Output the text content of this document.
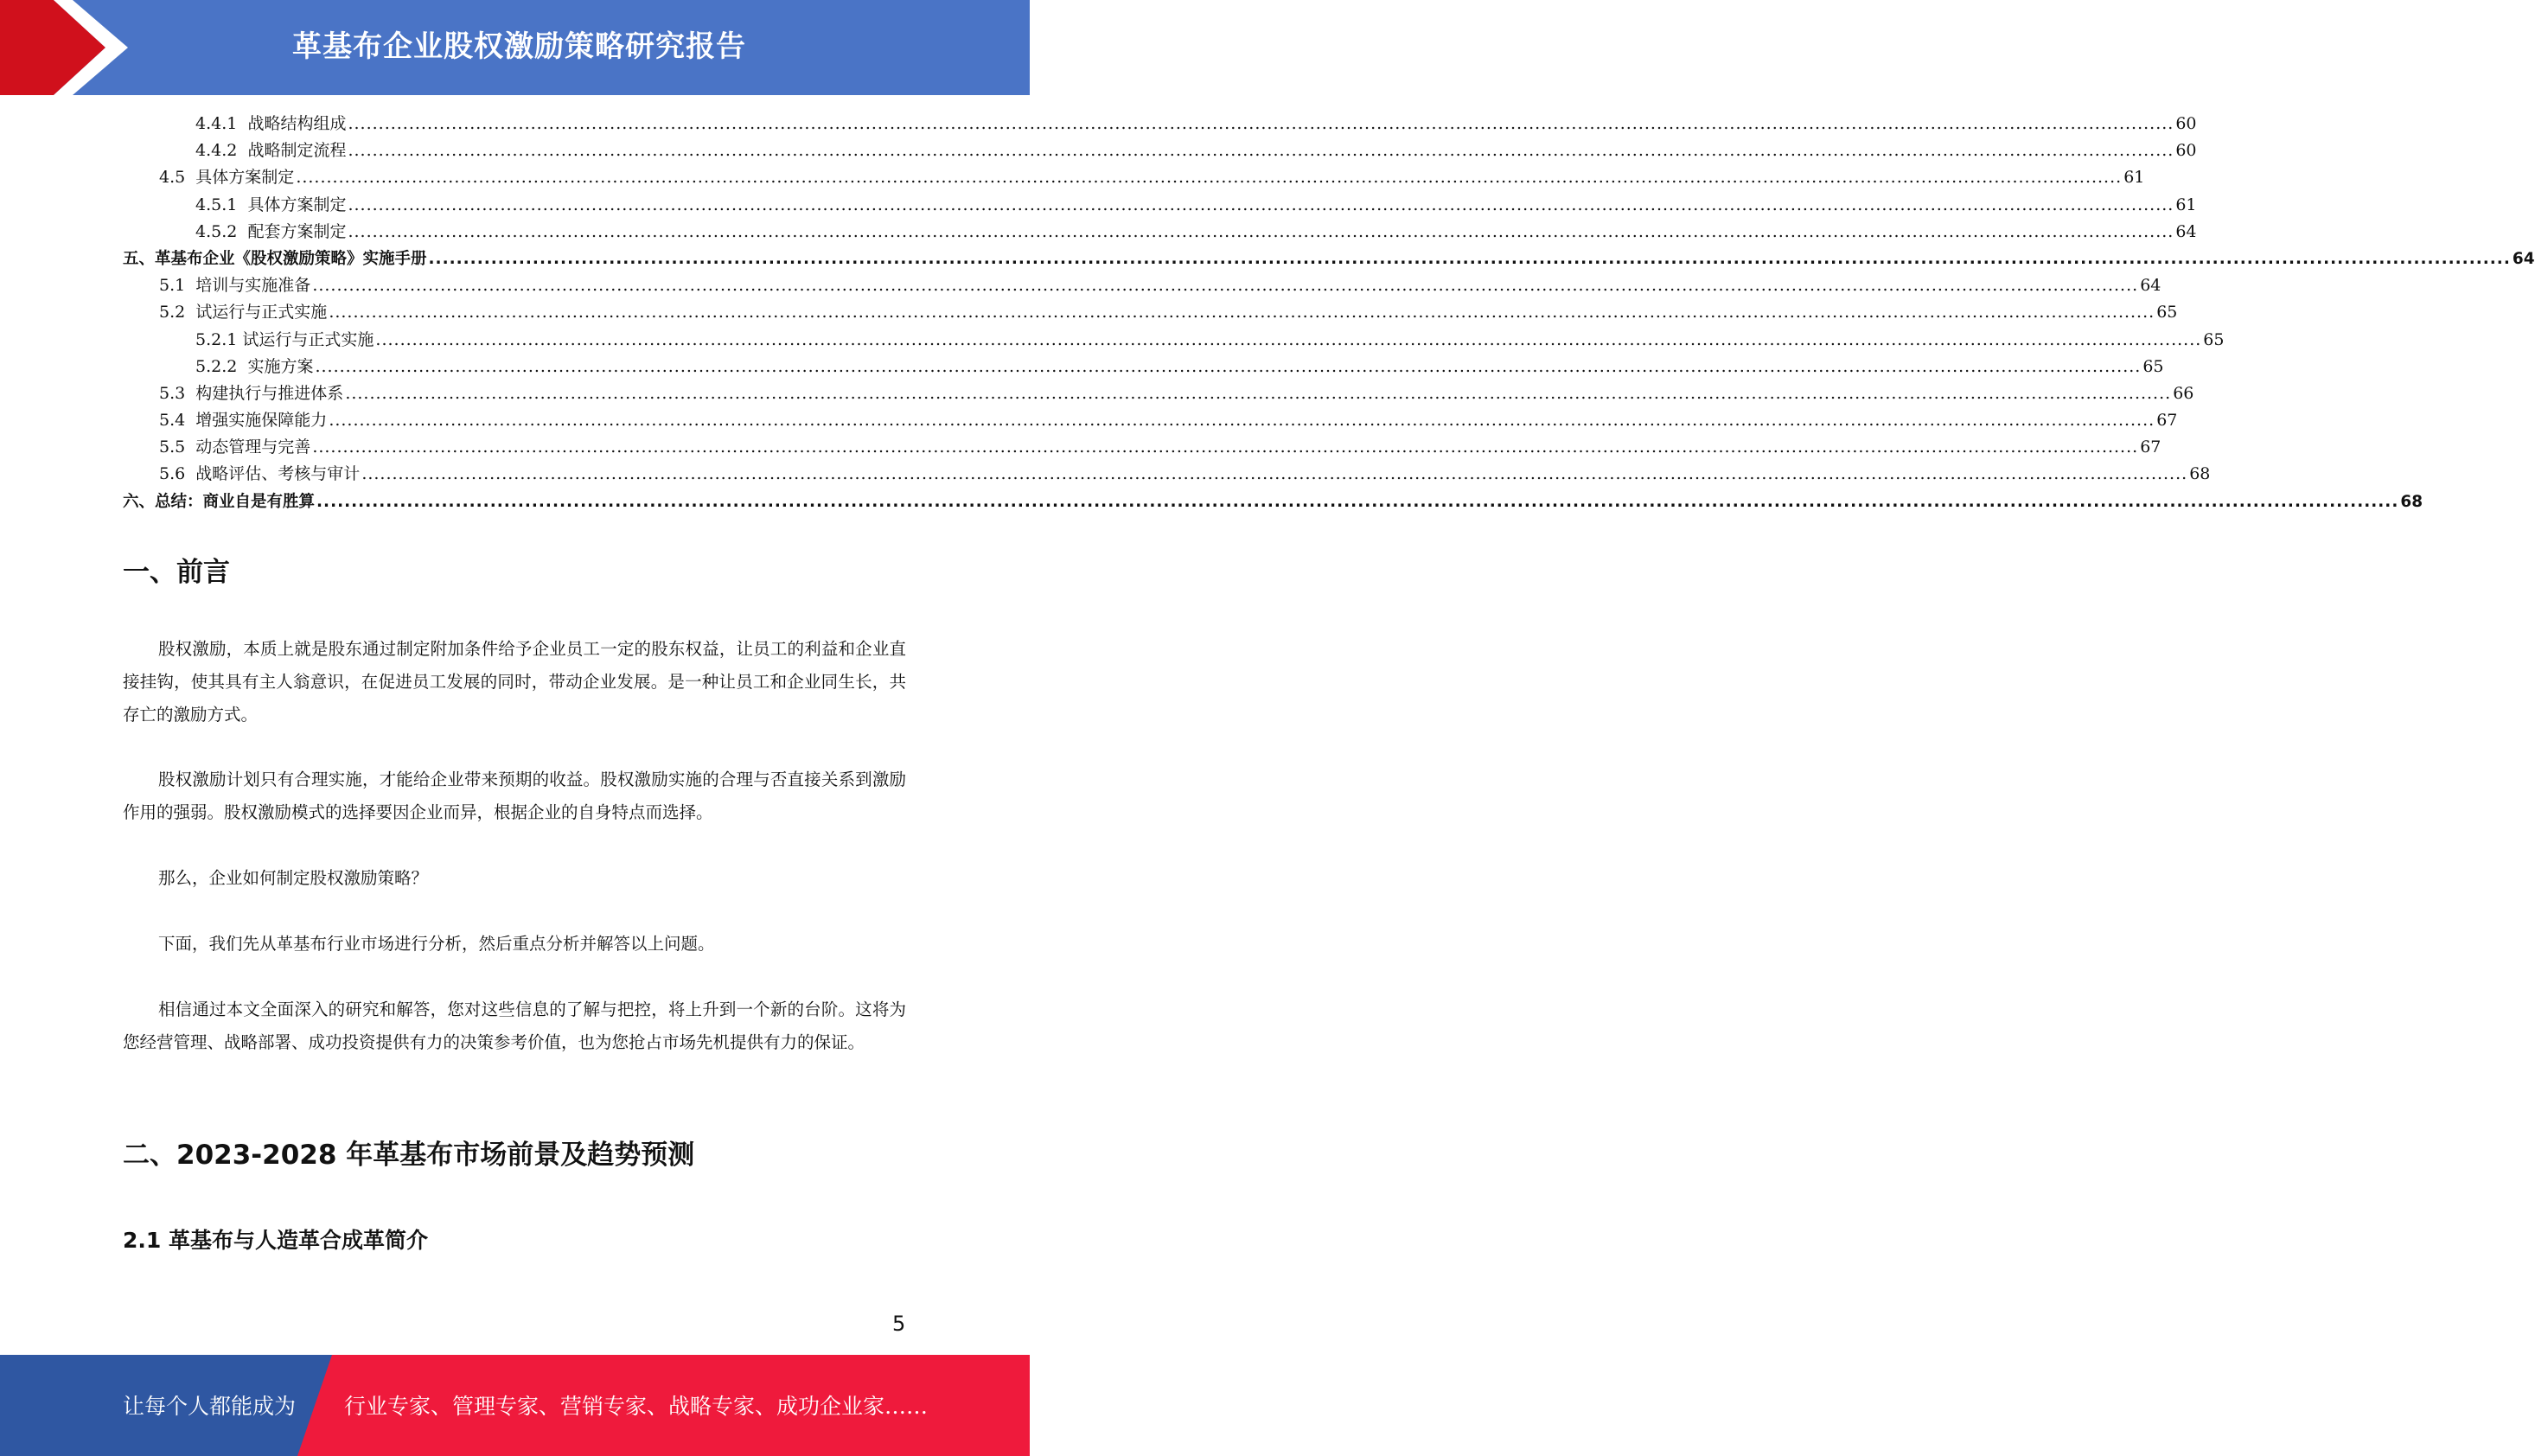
革基布企业股权激励策略研究报告
4.4.1 战略结构组成 ............................................................................................................................................................................................................................................................................................................ 60
4.4.2 战略制定流程 ............................................................................................................................................................................................................................................................................................................ 60
4.5 具体方案制定 ............................................................................................................................................................................................................................................................................................................ 61
4.5.1 具体方案制定 ............................................................................................................................................................................................................................................................................................................ 61
4.5.2 配套方案制定 ............................................................................................................................................................................................................................................................................................................ 64
五、革基布企业《股权激励策略》实施手册 ............................................................................................................................................................................................................................................................................................................ 64
5.1 培训与实施准备 ............................................................................................................................................................................................................................................................................................................ 64
5.2 试运行与正式实施 ............................................................................................................................................................................................................................................................................................................ 65
5.2.1 试运行与正式实施 ............................................................................................................................................................................................................................................................................................................ 65
5.2.2 实施方案 ............................................................................................................................................................................................................................................................................................................ 65
5.3 构建执行与推进体系 ............................................................................................................................................................................................................................................................................................................ 66
5.4 增强实施保障能力 ............................................................................................................................................................................................................................................................................................................ 67
5.5 动态管理与完善 ............................................................................................................................................................................................................................................................................................................ 67
5.6 战略评估、考核与审计 ............................................................................................................................................................................................................................................................................................................ 68
六、总结：商业自是有胜算 ............................................................................................................................................................................................................................................................................................................ 68
一、前言
股权激励，本质上就是股东通过制定附加条件给予企业员工一定的股东权益，让员工的利益和企业直接挂钩，使其具有主人翁意识，在促进员工发展的同时，带动企业发展。是一种让员工和企业同生长，共存亡的激励方式。
股权激励计划只有合理实施，才能给企业带来预期的收益。股权激励实施的合理与否直接关系到激励作用的强弱。股权激励模式的选择要因企业而异，根据企业的自身特点而选择。
那么，企业如何制定股权激励策略？
下面，我们先从革基布行业市场进行分析，然后重点分析并解答以上问题。
相信通过本文全面深入的研究和解答，您对这些信息的了解与把控，将上升到一个新的台阶。这将为您经营管理、战略部署、成功投资提供有力的决策参考价值，也为您抢占市场先机提供有力的保证。
二、2023-2028 年革基布市场前景及趋势预测
2.1 革基布与人造革合成革简介
5
让每个人都能成为 行业专家、管理专家、营销专家、战略专家、成功企业家……
